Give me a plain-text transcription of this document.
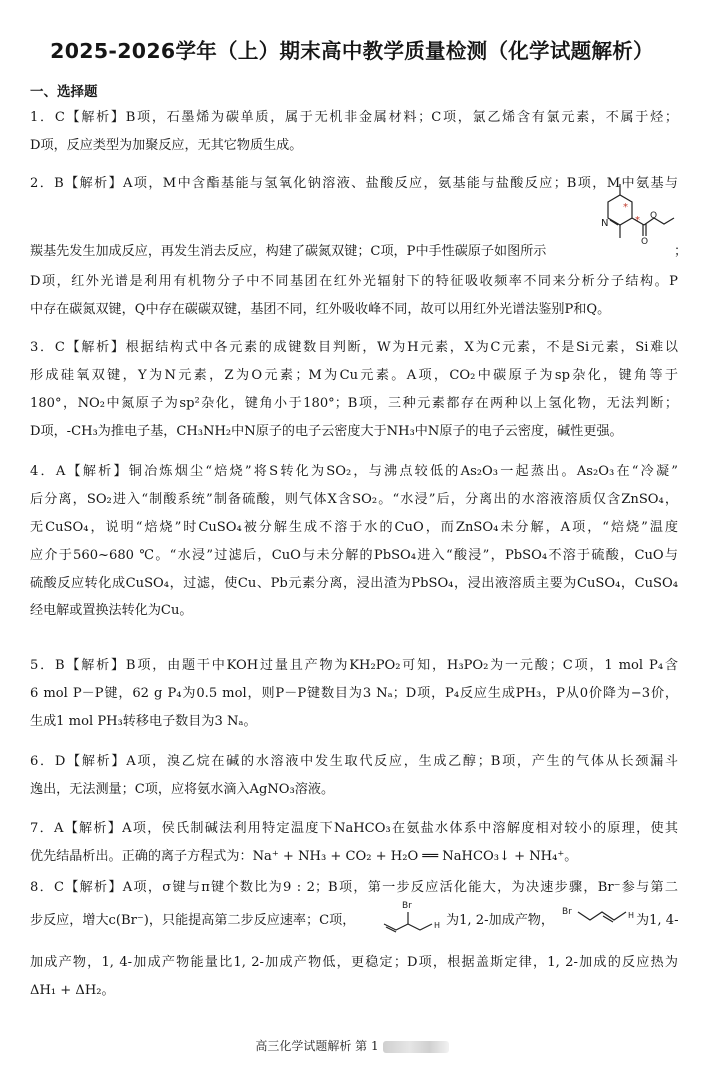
2025-2026学年（上）期末高中教学质量检测（化学试题解析）
一、选择题
1．C【解析】B项，石墨烯为碳单质，属于无机非金属材料；C项，氯乙烯含有氯元素，不属于烃；
D项，反应类型为加聚反应，无其它物质生成。
2．B【解析】A项，M中含酯基能与氢氧化钠溶液、盐酸反应，氨基能与盐酸反应；B项，M中氨基与
羰基先发生加成反应，再发生消去反应，构建了碳氮双键；C项，P中手性碳原子如图所示
N
O
O
*
*
；
D项，红外光谱是利用有机物分子中不同基团在红外光辐射下的特征吸收频率不同来分析分子结构。P
中存在碳氮双键，Q中存在碳碳双键，基团不同，红外吸收峰不同，故可以用红外光谱法鉴别P和Q。
3．C【解析】根据结构式中各元素的成键数目判断，W为H元素，X为C元素，不是Si元素，Si难以
形成硅氧双键，Y为N元素，Z为O元素；M为Cu元素。A项，CO₂中碳原子为sp杂化，键角等于
180°，NO₂中氮原子为sp²杂化，键角小于180°；B项，三种元素都存在两种以上氢化物，无法判断；
D项，-CH₃为推电子基，CH₃NH₂中N原子的电子云密度大于NH₃中N原子的电子云密度，碱性更强。
4．A【解析】铜冶炼烟尘“焙烧”将S转化为SO₂，与沸点较低的As₂O₃一起蒸出。As₂O₃在“冷凝”
后分离，SO₂进入“制酸系统”制备硫酸，则气体X含SO₂。“水浸”后，分离出的水溶液溶质仅含ZnSO₄，
无CuSO₄，说明“焙烧”时CuSO₄被分解生成不溶于水的CuO，而ZnSO₄未分解，A项，“焙烧”温度
应介于560~680 ℃。“水浸”过滤后，CuO与未分解的PbSO₄进入“酸浸”，PbSO₄不溶于硫酸，CuO与
硫酸反应转化成CuSO₄，过滤，使Cu、Pb元素分离，浸出渣为PbSO₄，浸出液溶质主要为CuSO₄，CuSO₄
经电解或置换法转化为Cu。
5．B【解析】B项，由题干中KOH过量且产物为KH₂PO₂可知，H₃PO₂为一元酸；C项，1 mol P₄含
6 mol P－P键，62 g P₄为0.5 mol，则P－P键数目为3 Nₐ；D项，P₄反应生成PH₃，P从0价降为−3价，
生成1 mol PH₃转移电子数目为3 Nₐ。
6．D【解析】A项，溴乙烷在碱的水溶液中发生取代反应，生成乙醇；B项，产生的气体从长颈漏斗
逸出，无法测量；C项，应将氨水滴入AgNO₃溶液。
7．A【解析】A项，侯氏制碱法利用特定温度下NaHCO₃在氨盐水体系中溶解度相对较小的原理，使其
优先结晶析出。正确的离子方程式为：Na⁺ + NH₃ + CO₂ + H₂O ══ NaHCO₃↓ + NH₄⁺。
8．C【解析】A项，σ键与π键个数比为9 : 2；B项，第一步反应活化能大，为决速步骤，Br⁻参与第二
步反应，增大c(Br⁻)，只能提高第二步反应速率；C项，
Br
H 为1, 2-加成产物，
Br	H 为1, 4-
加成产物，1, 4-加成产物能量比1, 2-加成产物低，更稳定；D项，根据盖斯定律，1, 2-加成的反应热为
ΔH₁ + ΔH₂。
高三化学试题解析 第 1
